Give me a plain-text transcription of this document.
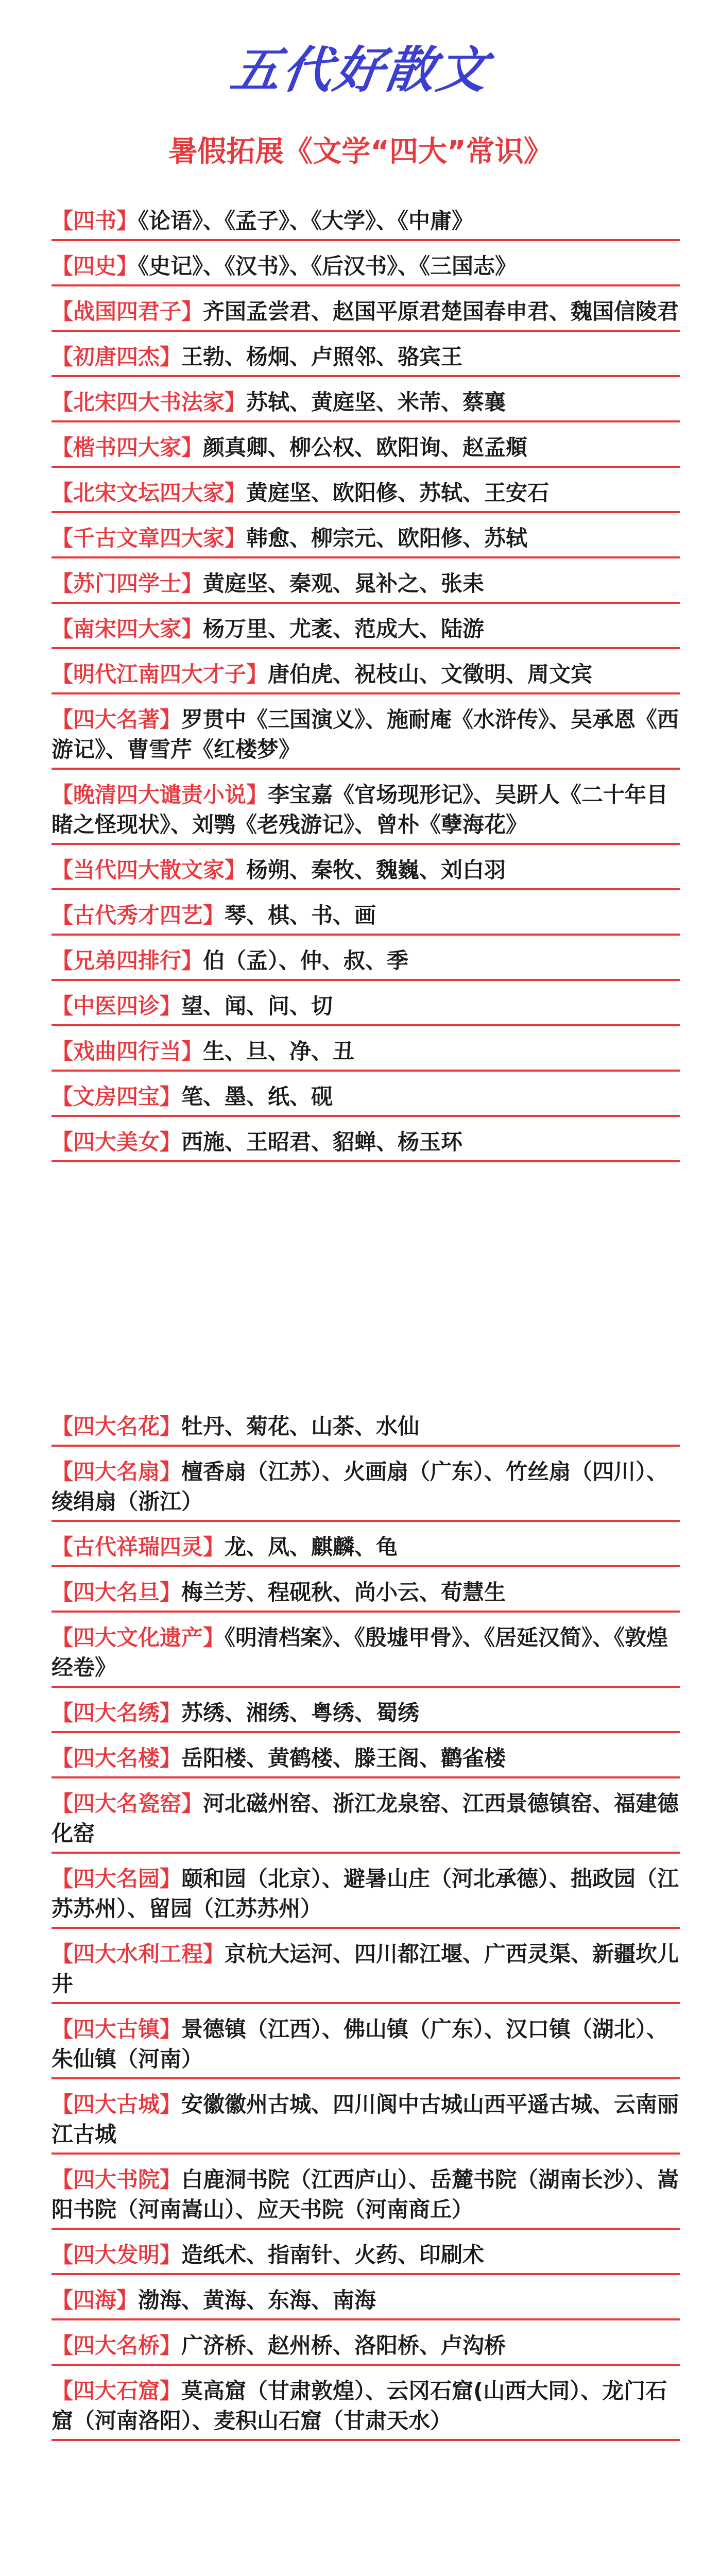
五代好散文
暑假拓展《文学“四大”常识》
【四书】《论语》、《孟子》、《大学》、《中庸》
【四史】《史记》、《汉书》、《后汉书》、《三国志》
【战国四君子】齐国孟尝君、赵国平原君楚国春申君、魏国信陵君
【初唐四杰】王勃、杨炯、卢照邻、骆宾王
【北宋四大书法家】苏轼、黄庭坚、米芾、蔡襄
【楷书四大家】颜真卿、柳公权、欧阳询、赵孟頫
【北宋文坛四大家】黄庭坚、欧阳修、苏轼、王安石
【千古文章四大家】韩愈、柳宗元、欧阳修、苏轼
【苏门四学士】黄庭坚、秦观、晁补之、张耒
【南宋四大家】杨万里、尤袤、范成大、陆游
【明代江南四大才子】唐伯虎、祝枝山、文徵明、周文宾
【四大名著】罗贯中《三国演义》、施耐庵《水浒传》、吴承恩《西游记》、曹雪芹《红楼梦》
【晚清四大谴责小说】李宝嘉《官场现形记》、吴趼人《二十年目睹之怪现状》、刘鹗《老残游记》、曾朴《孽海花》
【当代四大散文家】杨朔、秦牧、魏巍、刘白羽
【古代秀才四艺】琴、棋、书、画
【兄弟四排行】伯（孟）、仲、叔、季
【中医四诊】望、闻、问、切
【戏曲四行当】生、旦、净、丑
【文房四宝】笔、墨、纸、砚
【四大美女】西施、王昭君、貂蝉、杨玉环
【四大名花】牡丹、菊花、山茶、水仙
【四大名扇】檀香扇（江苏）、火画扇（广东）、竹丝扇（四川）、绫绢扇（浙江）
【古代祥瑞四灵】龙、凤、麒麟、龟
【四大名旦】梅兰芳、程砚秋、尚小云、荀慧生
【四大文化遗产】《明清档案》、《殷墟甲骨》、《居延汉简》、《敦煌经卷》
【四大名绣】苏绣、湘绣、粤绣、蜀绣
【四大名楼】岳阳楼、黄鹤楼、滕王阁、鹳雀楼
【四大名瓷窑】河北磁州窑、浙江龙泉窑、江西景德镇窑、福建德化窑
【四大名园】颐和园（北京）、避暑山庄（河北承德）、拙政园（江苏苏州）、留园（江苏苏州）
【四大水利工程】京杭大运河、四川都江堰、广西灵渠、新疆坎儿井
【四大古镇】景德镇（江西）、佛山镇（广东）、汉口镇（湖北）、朱仙镇（河南）
【四大古城】安徽徽州古城、四川阆中古城山西平遥古城、云南丽江古城
【四大书院】白鹿洞书院（江西庐山）、岳麓书院（湖南长沙）、嵩阳书院（河南嵩山）、应天书院（河南商丘）
【四大发明】造纸术、指南针、火药、印刷术
【四海】渤海、黄海、东海、南海
【四大名桥】广济桥、赵州桥、洛阳桥、卢沟桥
【四大石窟】莫高窟（甘肃敦煌）、云冈石窟(山西大同）、龙门石窟（河南洛阳）、麦积山石窟（甘肃天水）
